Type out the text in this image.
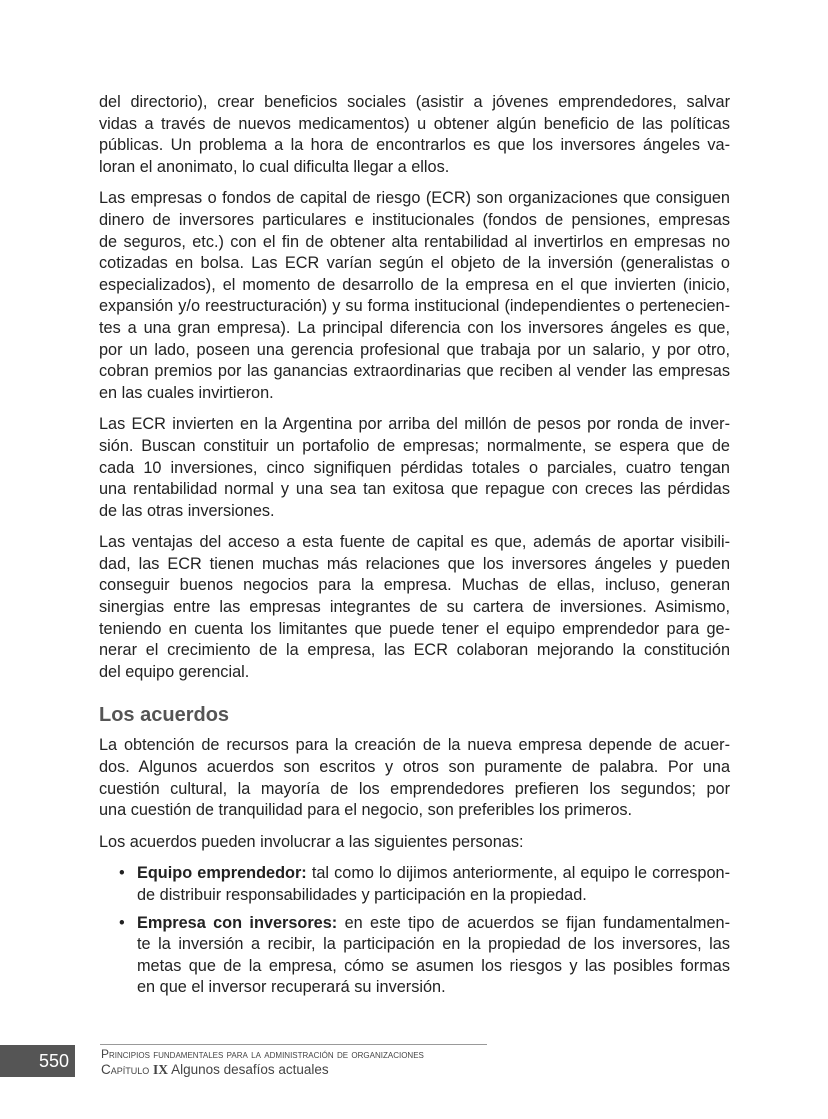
del directorio), crear beneficios sociales (asistir a jóvenes emprendedores, salvar
vidas a través de nuevos medicamentos) u obtener algún beneficio de las políticas
públicas. Un problema a la hora de encontrarlos es que los inversores ángeles va-
loran el anonimato, lo cual dificulta llegar a ellos.
Las empresas o fondos de capital de riesgo (ECR) son organizaciones que consiguen
dinero de inversores particulares e institucionales (fondos de pensiones, empresas
de seguros, etc.) con el fin de obtener alta rentabilidad al invertirlos en empresas no
cotizadas en bolsa. Las ECR varían según el objeto de la inversión (generalistas o
especializados), el momento de desarrollo de la empresa en el que invierten (inicio,
expansión y/o reestructuración) y su forma institucional (independientes o pertenecien-
tes a una gran empresa). La principal diferencia con los inversores ángeles es que,
por un lado, poseen una gerencia profesional que trabaja por un salario, y por otro,
cobran premios por las ganancias extraordinarias que reciben al vender las empresas
en las cuales invirtieron.
Las ECR invierten en la Argentina por arriba del millón de pesos por ronda de inver-
sión. Buscan constituir un portafolio de empresas; normalmente, se espera que de
cada 10 inversiones, cinco signifiquen pérdidas totales o parciales, cuatro tengan
una rentabilidad normal y una sea tan exitosa que repague con creces las pérdidas
de las otras inversiones.
Las ventajas del acceso a esta fuente de capital es que, además de aportar visibili-
dad, las ECR tienen muchas más relaciones que los inversores ángeles y pueden
conseguir buenos negocios para la empresa. Muchas de ellas, incluso, generan
sinergias entre las empresas integrantes de su cartera de inversiones. Asimismo,
teniendo en cuenta los limitantes que puede tener el equipo emprendedor para ge-
nerar el crecimiento de la empresa, las ECR colaboran mejorando la constitución
del equipo gerencial.
Los acuerdos
La obtención de recursos para la creación de la nueva empresa depende de acuer-
dos. Algunos acuerdos son escritos y otros son puramente de palabra. Por una
cuestión cultural, la mayoría de los emprendedores prefieren los segundos; por
una cuestión de tranquilidad para el negocio, son preferibles los primeros.
Los acuerdos pueden involucrar a las siguientes personas:
• Equipo emprendedor: tal como lo dijimos anteriormente, al equipo le correspon-
de distribuir responsabilidades y participación en la propiedad.
• Empresa con inversores: en este tipo de acuerdos se fijan fundamentalmen-
te la inversión a recibir, la participación en la propiedad de los inversores, las
metas que de la empresa, cómo se asumen los riesgos y las posibles formas
en que el inversor recuperará su inversión.
550	Principios fundamentales para la administración de organizaciones
Capítulo IX Algunos desafíos actuales
